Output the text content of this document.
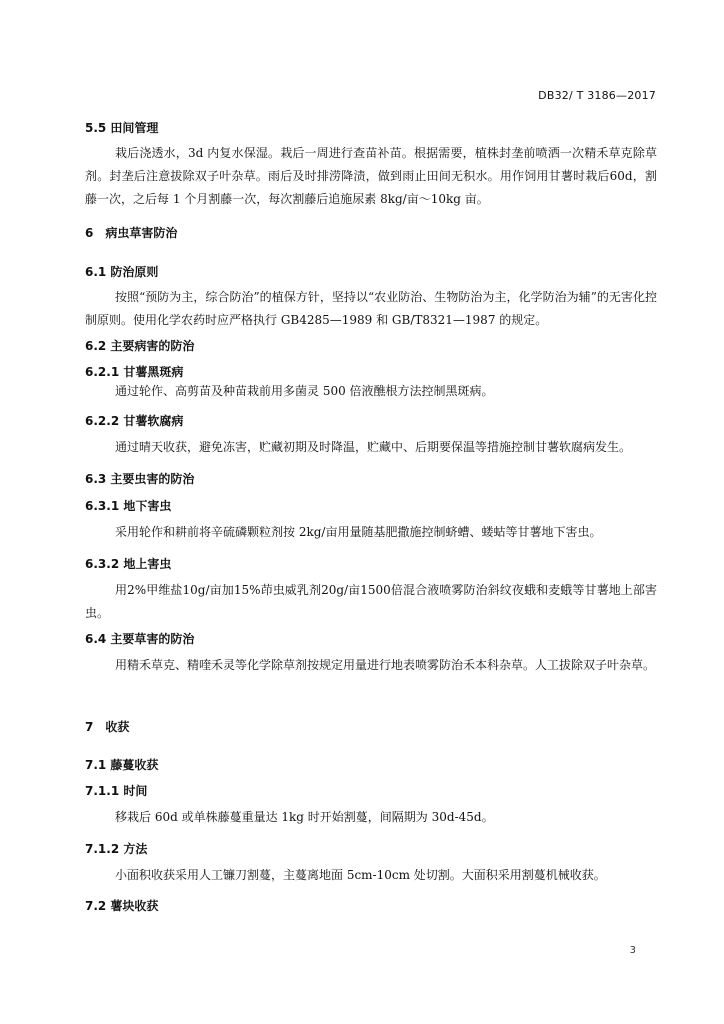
DB32/ T 3186—2017
5.5 田间管理
栽后浇透水，3d 内复水保湿。栽后一周进行查苗补苗。根据需要，植株封垄前喷洒一次精禾草克除草剂。封垄后注意拔除双子叶杂草。雨后及时排涝降渍，做到雨止田间无积水。用作饲用甘薯时栽后60d，割藤一次，之后每 1 个月割藤一次，每次割藤后追施尿素 8kg/亩～10kg 亩。
6　病虫草害防治
6.1 防治原则
按照“预防为主，综合防治”的植保方针，坚持以“农业防治、生物防治为主，化学防治为辅”的无害化控制原则。使用化学农药时应严格执行 GB4285—1989 和 GB/T8321—1987 的规定。
6.2 主要病害的防治
6.2.1 甘薯黑斑病
通过轮作、高剪苗及种苗栽前用多菌灵 500 倍液醮根方法控制黑斑病。
6.2.2 甘薯软腐病
通过晴天收获，避免冻害，贮藏初期及时降温，贮藏中、后期要保温等措施控制甘薯软腐病发生。
6.3 主要虫害的防治
6.3.1 地下害虫
采用轮作和耕前将辛硫磷颗粒剂按 2kg/亩用量随基肥撒施控制蛴螬、蝼蛄等甘薯地下害虫。
6.3.2 地上害虫
用2%甲维盐10g/亩加15%茚虫威乳剂20g/亩1500倍混合液喷雾防治斜纹夜蛾和麦蛾等甘薯地上部害虫。
6.4 主要草害的防治
用精禾草克、精喹禾灵等化学除草剂按规定用量进行地表喷雾防治禾本科杂草。人工拔除双子叶杂草。
7　收获
7.1 藤蔓收获
7.1.1 时间
移栽后 60d 或单株藤蔓重量达 1kg 时开始割蔓，间隔期为 30d-45d。
7.1.2 方法
小面积收获采用人工镰刀割蔓，主蔓离地面 5cm-10cm 处切割。大面积采用割蔓机械收获。
7.2 薯块收获
3
